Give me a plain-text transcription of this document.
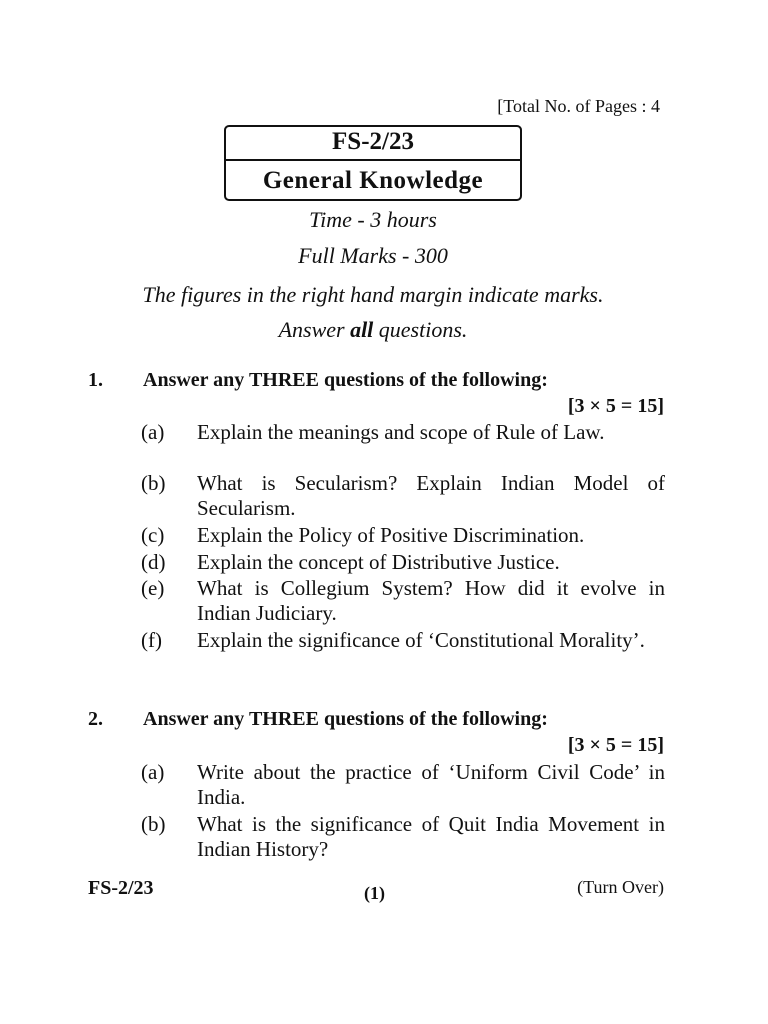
[Total No. of Pages : 4
FS-2/23
General Knowledge
Time - 3 hours
Full Marks - 300
The figures in the right hand margin indicate marks.
Answer all questions.
1. Answer any THREE questions of the following:
[3 × 5 = 15]
(a) Explain the meanings and scope of Rule of Law.
(b) What is Secularism? Explain Indian Model of Secularism.
(c) Explain the Policy of Positive Discrimination.
(d) Explain the concept of Distributive Justice.
(e) What is Collegium System? How did it evolve in Indian Judiciary.
(f) Explain the significance of ‘Constitutional Morality’.
2. Answer any THREE questions of the following:
[3 × 5 = 15]
(a) Write about the practice of ‘Uniform Civil Code’ in India.
(b) What is the significance of Quit India Movement in Indian History?
FS-2/23	(1)	(Turn Over)
